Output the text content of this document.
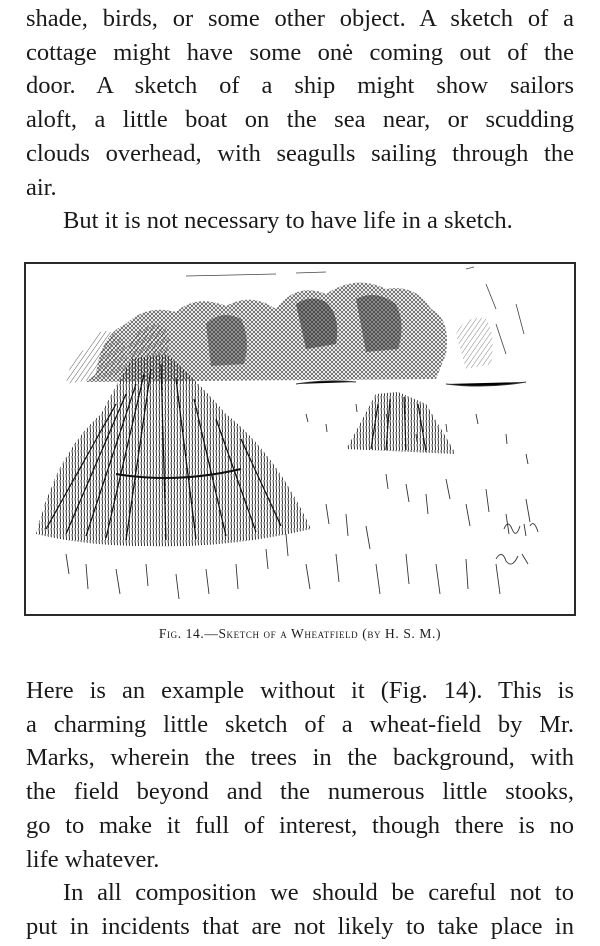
shade, birds, or some other object. A sketch of a
cottage might have some onė coming out of the
door. A sketch of a ship might show sailors
aloft, a little boat on the sea near, or scudding
clouds overhead, with seagulls sailing through the
air.

But it is not necessary to have life in a sketch.

Fig. 14.—Sketch of a Wheatfield (by H. S. M.)

Here is an example without it (Fig. 14). This is
a charming little sketch of a wheat-field by Mr.
Marks, wherein the trees in the background, with
the field beyond and the numerous little stooks,
go to make it full of interest, though there is no
life whatever.

In all composition we should be careful not to
put in incidents that are not likely to take place in
